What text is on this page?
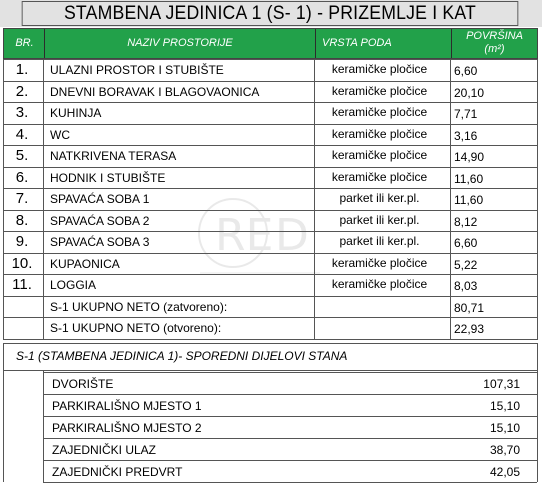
STAMBENA JEDINICA 1 (S- 1) - PRIZEMLJE I KAT
BR.	NAZIV PROSTORIJE	VRSTA PODA
POVRŠINA
(m²)
1.	ULAZNI PROSTOR I STUBIŠTE	keramičke pločice	6,60
2.	DNEVNI BORAVAK I BLAGOVAONICA	keramičke pločice	20,10
3.	KUHINJA	keramičke pločice	7,71
4.	WC	keramičke pločice	3,16
5.	NATKRIVENA TERASA	keramičke pločice	14,90
6.	HODNIK I STUBIŠTE	keramičke pločice	11,60
7.	SPAVAĆA SOBA 1	parket ili ker.pl.	11,60
8.	SPAVAĆA SOBA 2	parket ili ker.pl.	8,12
9.	SPAVAĆA SOBA 3	parket ili ker.pl.	6,60
10.	KUPAONICA	keramičke pločice	5,22
11.	LOGGIA	keramičke pločice	8,03
S-1 UKUPNO NETO (zatvoreno):	80,71
S-1 UKUPNO NETO (otvoreno):	22,93
S-1 (STAMBENA JEDINICA 1)- SPOREDNI DIJELOVI STANA
DVORIŠTE	107,31
PARKIRALIŠNO MJESTO 1	15,10
PARKIRALIŠNO MJESTO 2	15,10
ZAJEDNIČKI ULAZ	38,70
ZAJEDNIČKI PREDVRT	42,05
RE D
